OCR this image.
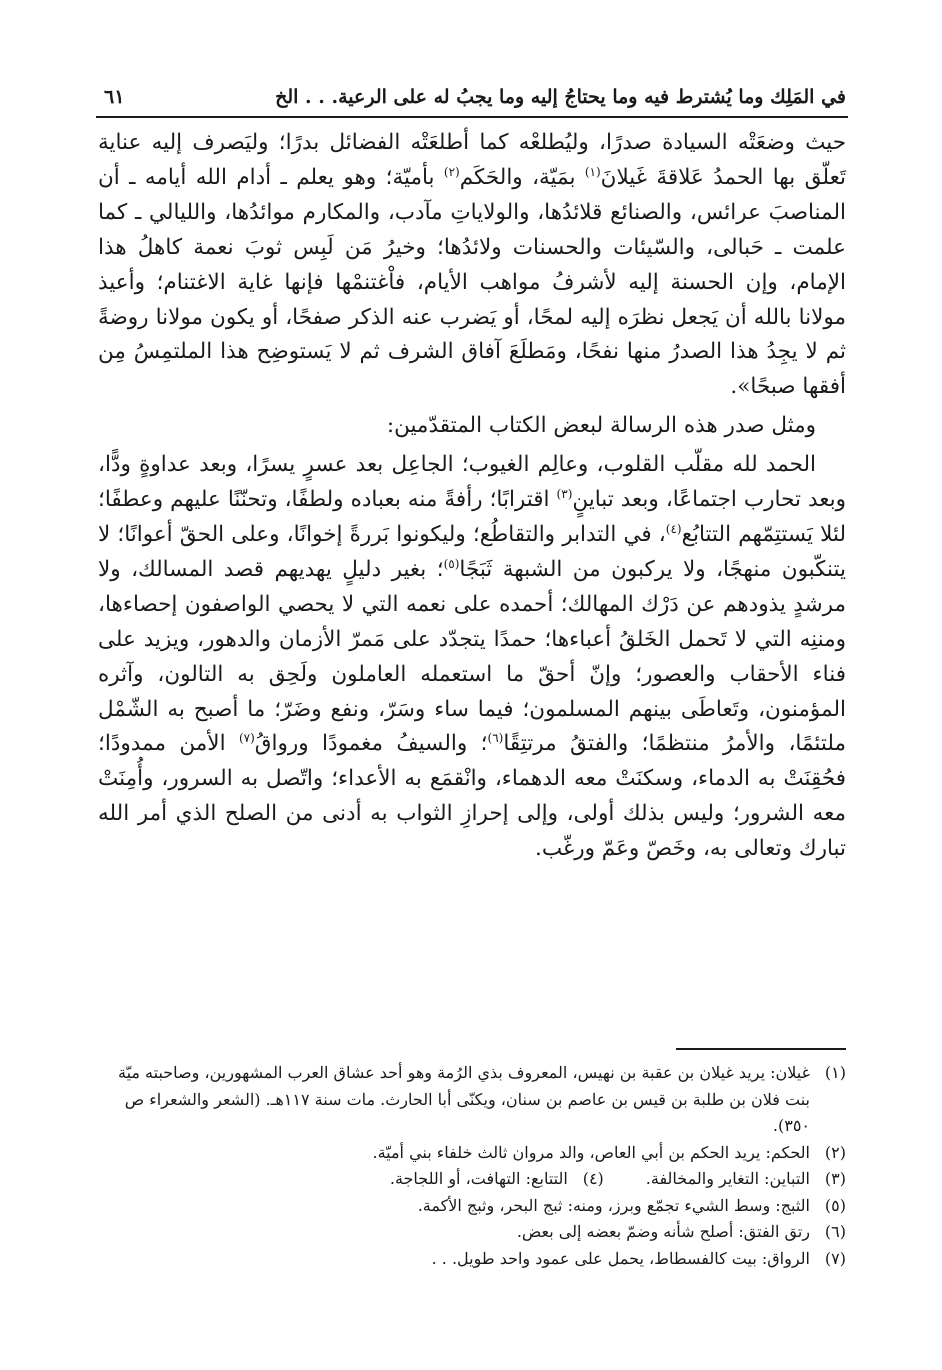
في المَلِك وما يُشترط فيه وما يحتاجُ إليه وما يجبُ له على الرعية. . . الخ
٦١

حيث وضعَتْه السيادة صدرًا، وليُطلعْه كما أطلعَتْه الفضائل بدرًا؛ وليَصرف إليه عناية تَعلّق بها الحمدُ عَلاقةَ غَيلانَ$^{(١)}$ بمَيّة، والحَكَم$^{(٢)}$ بأميّة؛ وهو يعلم ـ أدام الله أيامه ـ أن المناصبَ عرائس، والصنائع قلائدُها، والولاياتِ مآدب، والمكارم موائدُها، والليالي ـ كما علمت ـ حَبالى، والسّيئات والحسنات ولائدُها؛ وخيرُ مَن لَبِس ثوبَ نعمة كاهلُ هذا الإمام، وإن الحسنة إليه لأشرفُ مواهب الأيام، فاْغتنمْها فإنها غاية الاغتنام؛ وأعيذ مولانا بالله أن يَجعل نظرَه إليه لمحًا، أو يَضرب عنه الذكر صفحًا، أو يكون مولانا روضةً ثم لا يجِدُ هذا الصدرُ منها نفحًا، ومَطلَعَ آفاق الشرف ثم لا يَستوضِح هذا الملتمِسُ مِن أفقها صبحًا».

ومثل صدر هذه الرسالة لبعض الكتاب المتقدّمين:

الحمد لله مقلّب القلوب، وعالِم الغيوب؛ الجاعِل بعد عسرٍ يسرًا، وبعد عداوةٍ ودًّا، وبعد تحارب اجتماعًا، وبعد تباينٍ$^{(٣)}$ اقترابًا؛ رأفةً منه بعباده ولطفًا، وتحنّنًا عليهم وعطفًا؛ لئلا يَستتِمّهم التتابُع$^{(٤)}$، في التدابر والتقاطُع؛ وليكونوا بَررةً إخوانًا، وعلى الحقّ أعوانًا؛ لا يتنكّبون منهجًا، ولا يركبون من الشبهة ثَبَجًا$^{(٥)}$؛ بغير دليلٍ يهديهم قصد المسالك، ولا مرشدٍ يذودهم عن دَرْك المهالك؛ أحمده على نعمه التي لا يحصي الواصفون إحصاءها، ومننِه التي لا تَحمل الخَلقُ أعباءها؛ حمدًا يتجدّد على مَمرّ الأزمان والدهور، ويزيد على فناء الأحقاب والعصور؛ وإنّ أحقّ ما استعمله العاملون ولَحِق به التالون، وآثره المؤمنون، وتَعاطَى بينهم المسلمون؛ فيما ساء وسَرّ، ونفع وضَرّ؛ ما أصبح به الشّمْل ملتئمًا، والأمرُ منتظمًا؛ والفتقُ مرتتِقًا$^{(٦)}$؛ والسيفُ مغمودًا ورواقُ$^{(٧)}$ الأمن ممدودًا؛ فحُقِنَتْ به الدماء، وسكنَتْ معه الدهماء، وانْقمَع به الأعداء؛ واتّصل به السرور، وأُمِنَتْ معه الشرور؛ وليس بذلك أولى، وإلى إحرازِ الثواب به أدنى من الصلح الذي أمر الله تبارك وتعالى به، وخَصّ وعَمّ ورغّب.

(١)
غيلان: يريد غيلان بن عقبة بن نهيس، المعروف بذي الرُمة وهو أحد عشاق العرب المشهورين، وصاحبته ميّة بنت فلان بن طلبة بن قيس بن عاصم بن سنان، ويكنّى أبا الحارث. مات سنة ١١٧هـ. (الشعر والشعراء ص ٣٥٠).
(٢)
الحكم: يريد الحكم بن أبي العاص، والد مروان ثالث خلفاء بني أميّة.
(٣)
التباين: التغاير والمخالفة.
(٤)
التتابع: التهافت، أو اللجاجة.
(٥)
الثبج: وسط الشيء تجمّع وبرز، ومنه: ثبج البحر، وثبج الأكمة.
(٦)
رتق الفتق: أصلح شأنه وضمّ بعضه إلى بعض.
(٧)
الرواق: بيت كالفسطاط، يحمل على عمود واحد طويل. . .
